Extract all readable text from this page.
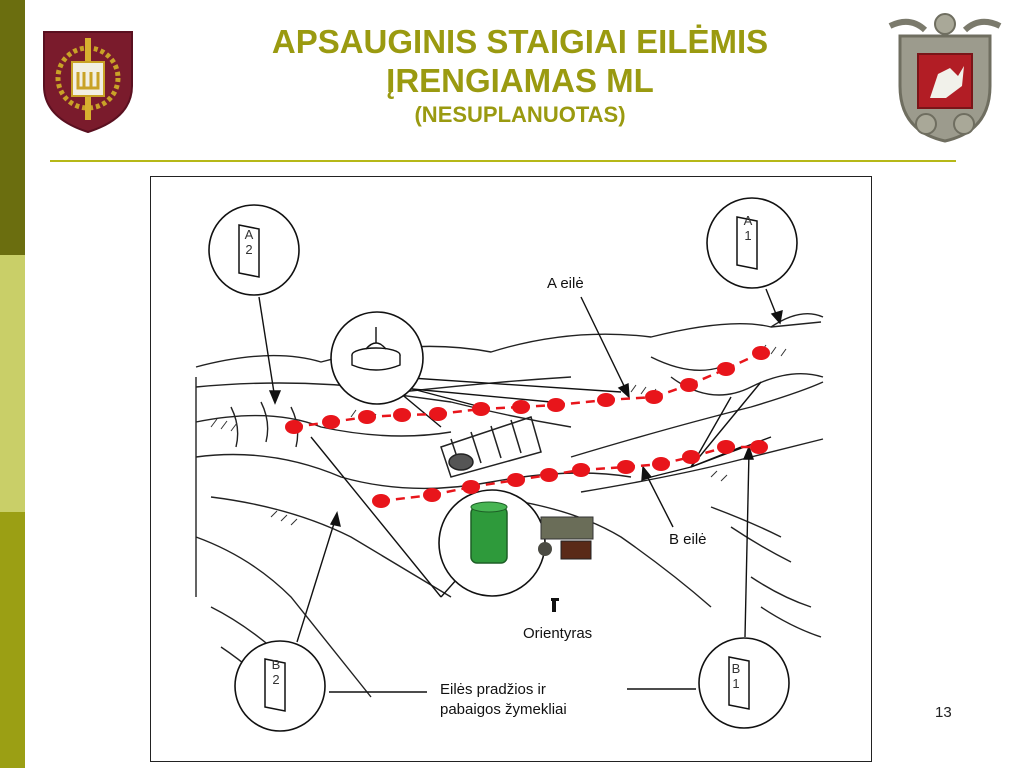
APSAUGINIS STAIGIAI EILĖMIS
ĮRENGIAMAS ML
(NESUPLANUOTAS)
A eilė
B eilė
Orientyras
Eilės pradžios ir
pabaigos žymekliai
A
2
A
1
B
2
B
1
13
